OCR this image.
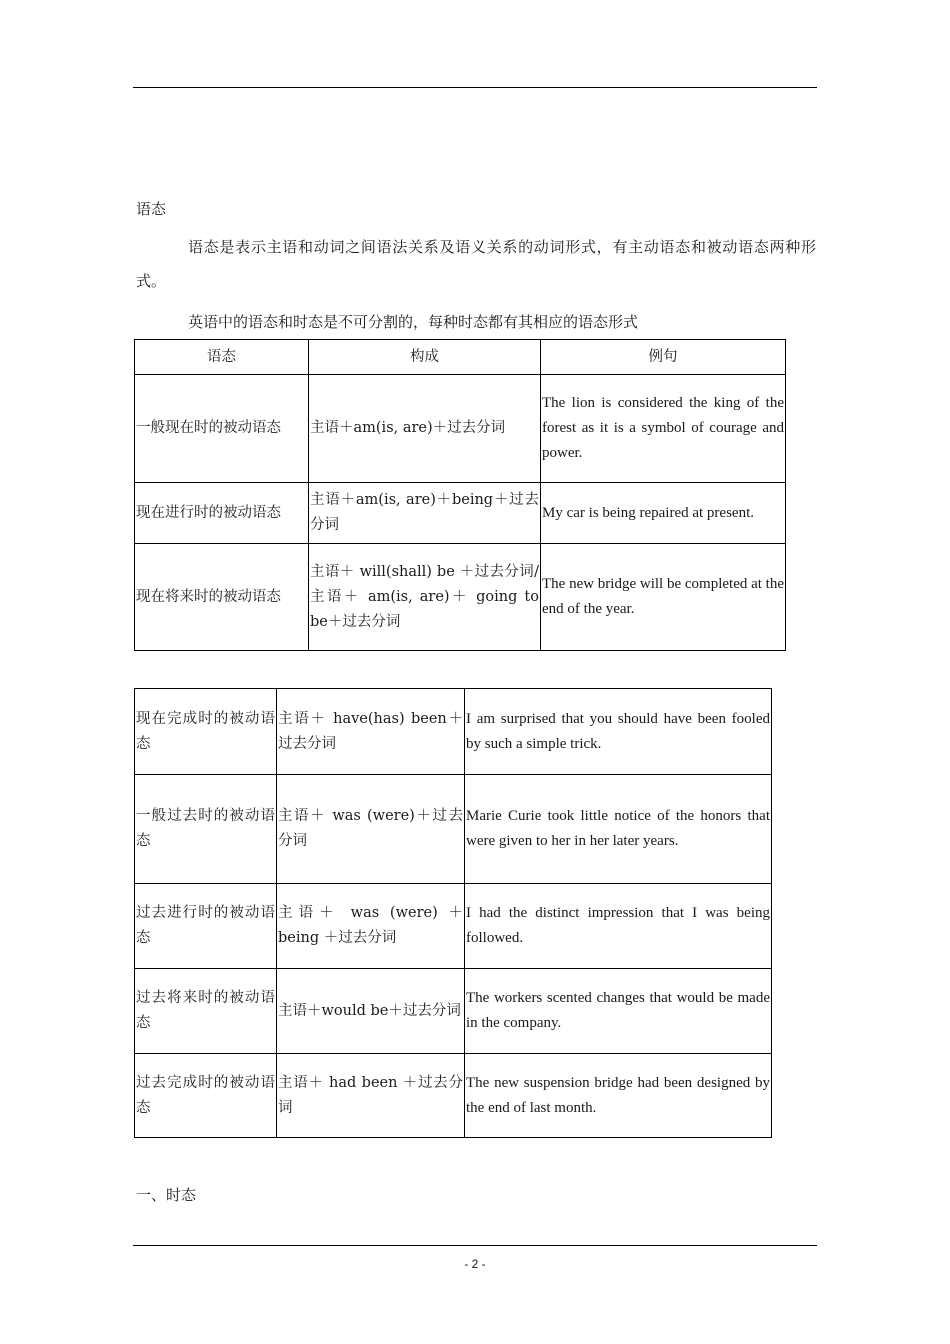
语态
语态是表示主语和动词之间语法关系及语义关系的动词形式，有主动语态和被动语态两种形式。
英语中的语态和时态是不可分割的，每种时态都有其相应的语态形式
语态	构成	例句
一般现在时的被动语态	主语＋am(is, are)＋过去分词	The lion is considered the king of the forest as it is a symbol of courage and power.
现在进行时的被动语态	主语＋am(is, are)＋being＋过去分词	My car is being repaired at present.
现在将来时的被动语态	主语＋ will(shall) be ＋过去分词/主语＋ am(is, are)＋ going to be＋过去分词	The new bridge will be completed at the end of the year.
现在完成时的被动语态	主语＋ have(has) been＋过去分词	I am surprised that you should have been fooled by such a simple trick.
一般过去时的被动语态	主语＋ was (were)＋过去分词	Marie Curie took little notice of the honors that were given to her in her later years.
过去进行时的被动语态	主语＋ was (were) ＋being ＋过去分词	I had the distinct impression that I was being followed.
过去将来时的被动语态	主语＋would be＋过去分词	The workers scented changes that would be made in the company.
过去完成时的被动语态	主语＋ had been ＋过去分词	The new suspension bridge had been designed by the end of last month.
一、时态
- 2 -
